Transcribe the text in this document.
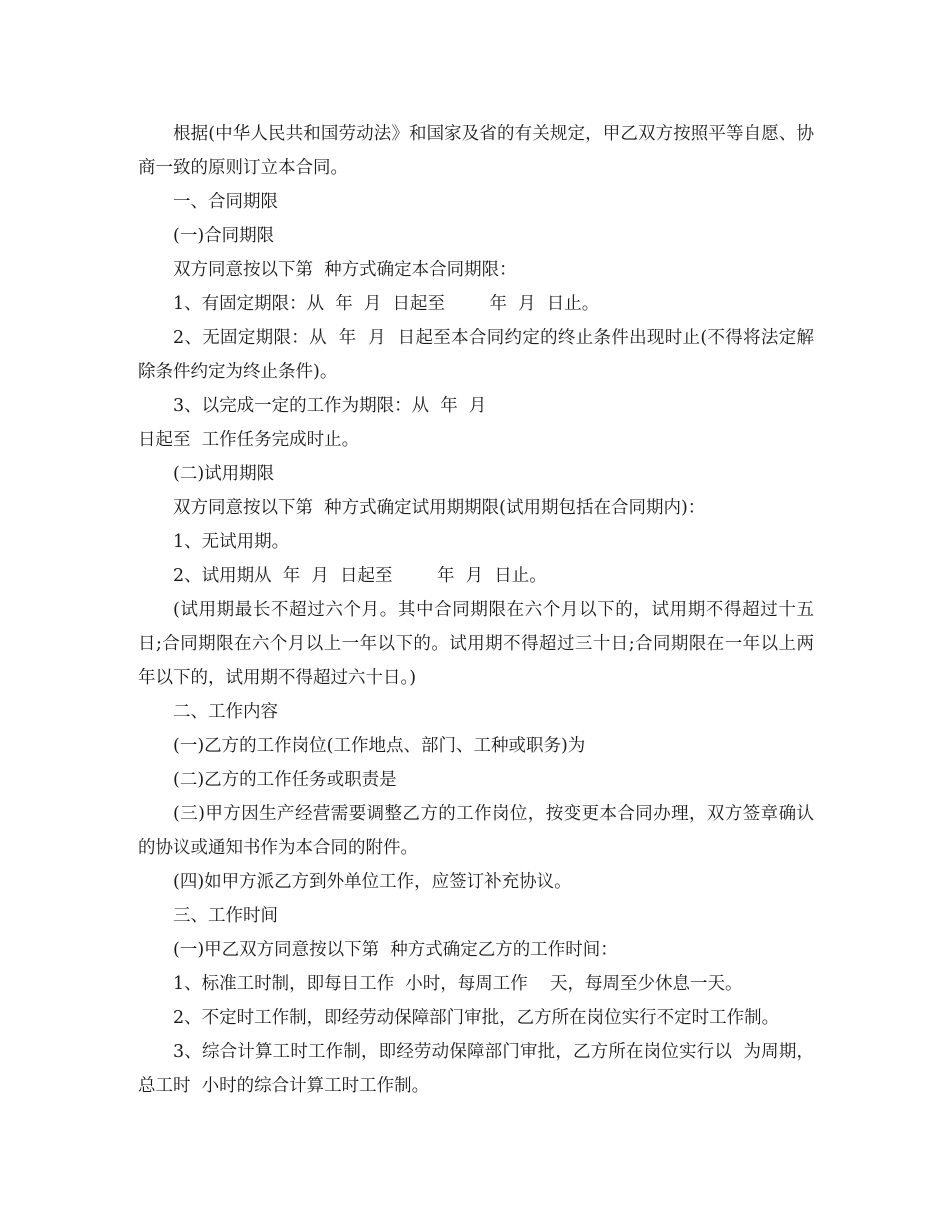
根据(中华人民共和国劳动法》和国家及省的有关规定，甲乙双方按照平等自愿、协商一致的原则订立本合同。

一、合同期限

(一)合同期限

双方同意按以下第  种方式确定本合同期限：

1、有固定期限：从  年  月  日起至        年  月  日止。

2、无固定期限：从  年  月  日起至本合同约定的终止条件出现时止(不得将法定解除条件约定为终止条件)。

3、以完成一定的工作为期限：从  年  月

日起至  工作任务完成时止。

(二)试用期限

双方同意按以下第  种方式确定试用期期限(试用期包括在合同期内)：

1、无试用期。

2、试用期从  年  月  日起至        年  月  日止。

(试用期最长不超过六个月。其中合同期限在六个月以下的，试用期不得超过十五日;合同期限在六个月以上一年以下的。试用期不得超过三十日;合同期限在一年以上两年以下的，试用期不得超过六十日。)

二、工作内容

(一)乙方的工作岗位(工作地点、部门、工种或职务)为

(二)乙方的工作任务或职责是

(三)甲方因生产经营需要调整乙方的工作岗位，按变更本合同办理，双方签章确认的协议或通知书作为本合同的附件。

(四)如甲方派乙方到外单位工作，应签订补充协议。

三、工作时间

(一)甲乙双方同意按以下第  种方式确定乙方的工作时间：

1、标准工时制，即每日工作  小时，每周工作    天，每周至少休息一天。

2、不定时工作制，即经劳动保障部门审批，乙方所在岗位实行不定时工作制。

3、综合计算工时工作制，即经劳动保障部门审批，乙方所在岗位实行以  为周期，总工时  小时的综合计算工时工作制。
